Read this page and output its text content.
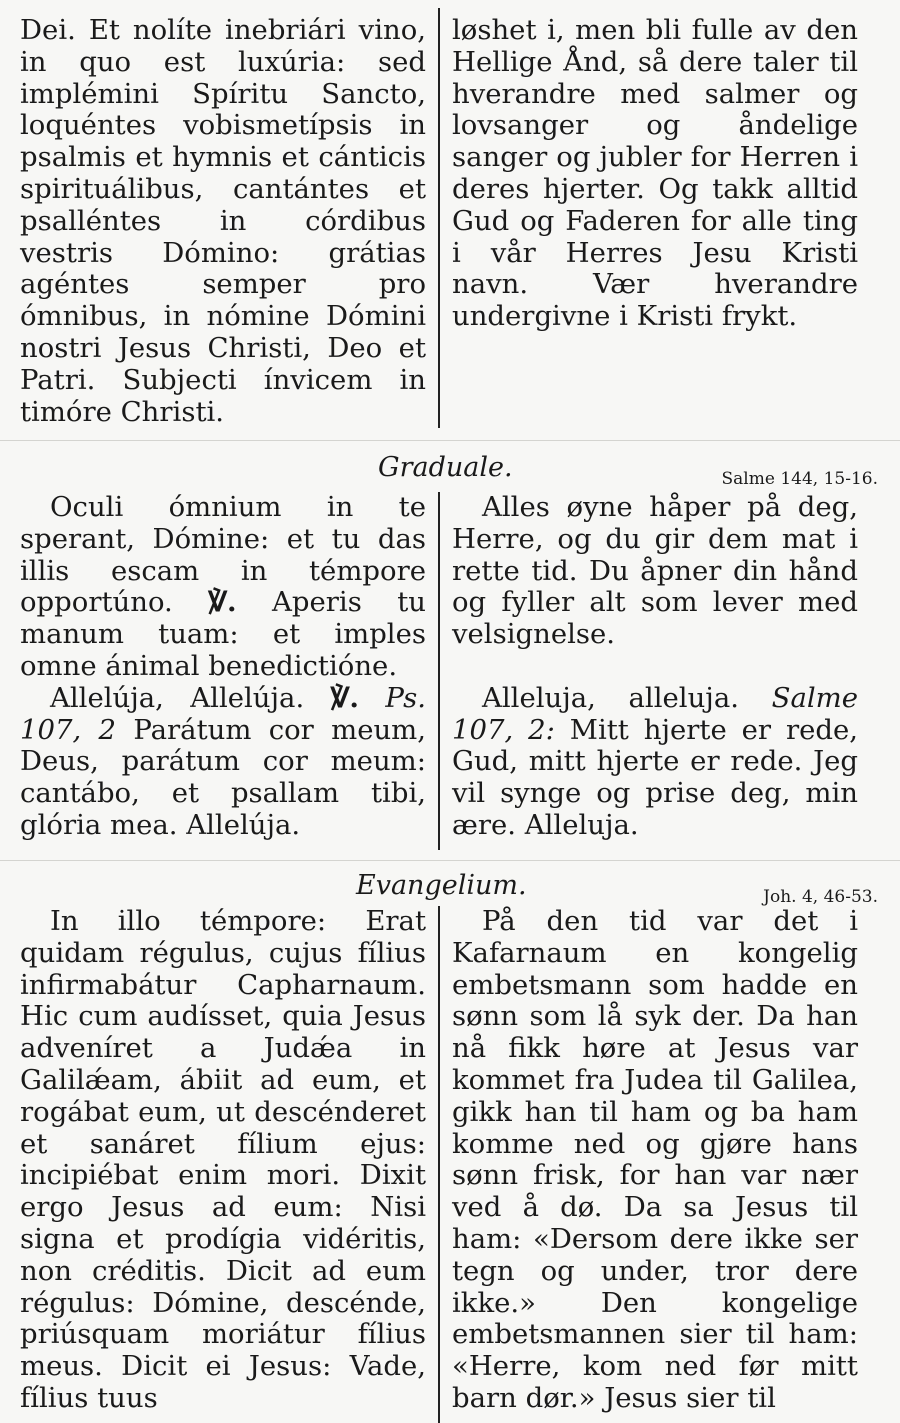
Dei. Et nolíte inebriári vino, in quo est luxúria: sed implémini Spíritu Sancto, loquéntes vobismetípsis in psalmis et hymnis et cánticis spirituálibus, cantántes et psalléntes in córdibus vestris Dómino: grátias agéntes semper pro ómnibus, in nómine Dómini nostri Jesus Christi, Deo et Patri. Subjecti ínvicem in timóre Christi.

løshet i, men bli fulle av den Hellige Ånd, så dere taler til hverandre med salmer og lovsanger og åndelige sanger og jubler for Herren i deres hjerter. Og takk alltid Gud og Faderen for alle ting i vår Herres Jesu Kristi navn. Vær hverandre undergivne i Kristi frykt.

Graduale.	Salme 144, 15-16.

Oculi ómnium in te sperant, Dómine: et tu das illis escam in témpore opportúno. ℣. Aperis tu manum tuam: et imples omne ánimal benedictióne.

Allelúja, Allelúja. ℣. Ps. 107, 2 Parátum cor meum, Deus, parátum cor meum: cantábo, et psallam tibi, glória mea. Allelúja.

Alles øyne håper på deg, Herre, og du gir dem mat i rette tid. Du åpner din hånd og fyller alt som lever med velsignelse.

Alleluja, alleluja. Salme 107, 2: Mitt hjerte er rede, Gud, mitt hjerte er rede. Jeg vil synge og prise deg, min ære. Alleluja.

Evangelium.	Joh. 4, 46-53.

In illo témpore: Erat quidam régulus, cujus fílius infirmabátur Capharnaum. Hic cum audísset, quia Jesus adveníret a Judǽa in Galilǽam, ábiit ad eum, et rogábat eum, ut descénderet et sanáret fílium ejus: incipiébat enim mori. Dixit ergo Jesus ad eum: Nisi signa et prodígia vidéritis, non créditis. Dicit ad eum régulus: Dómine, descénde, priúsquam moriátur fílius meus. Dicit ei Jesus: Vade, fílius tuus

På den tid var det i Kafarnaum en kongelig embetsmann som hadde en sønn som lå syk der. Da han nå fikk høre at Jesus var kommet fra Judea til Galilea, gikk han til ham og ba ham komme ned og gjøre hans sønn frisk, for han var nær ved å dø. Da sa Jesus til ham: «Dersom dere ikke ser tegn og under, tror dere ikke.» Den kongelige embetsmannen sier til ham: «Herre, kom ned før mitt barn dør.» Jesus sier til
